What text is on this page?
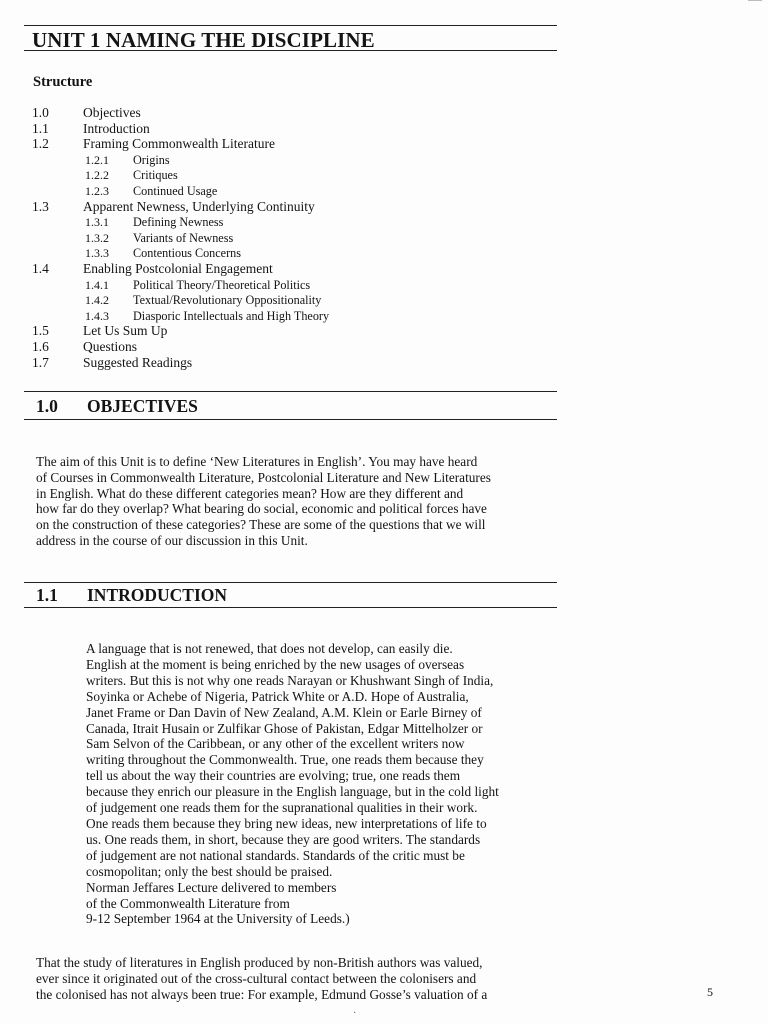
UNIT 1 NAMING THE DISCIPLINE
Structure
1.0	Objectives
1.1	Introduction
1.2	Framing Commonwealth Literature
1.2.1 Origins
1.2.2 Critiques
1.2.3 Continued Usage
1.3	Apparent Newness, Underlying Continuity
1.3.1 Defining Newness
1.3.2 Variants of Newness
1.3.3 Contentious Concerns
1.4	Enabling Postcolonial Engagement
1.4.1 Political Theory/Theoretical Politics
1.4.2 Textual/Revolutionary Oppositionality
1.4.3 Diasporic Intellectuals and High Theory
1.5	Let Us Sum Up
1.6	Questions
1.7	Suggested Readings
1.0 OBJECTIVES
The aim of this Unit is to define ‘New Literatures in English’. You may have heard
of Courses in Commonwealth Literature, Postcolonial Literature and New Literatures
in English. What do these different categories mean? How are they different and
how far do they overlap? What bearing do social, economic and political forces have
on the construction of these categories? These are some of the questions that we will
address in the course of our discussion in this Unit.
1.1 INTRODUCTION
A language that is not renewed, that does not develop, can easily die.
English at the moment is being enriched by the new usages of overseas
writers. But this is not why one reads Narayan or Khushwant Singh of India,
Soyinka or Achebe of Nigeria, Patrick White or A.D. Hope of Australia,
Janet Frame or Dan Davin of New Zealand, A.M. Klein or Earle Birney of
Canada, Itrait Husain or Zulfikar Ghose of Pakistan, Edgar Mittelholzer or
Sam Selvon of the Caribbean, or any other of the excellent writers now
writing throughout the Commonwealth. True, one reads them because they
tell us about the way their countries are evolving; true, one reads them
because they enrich our pleasure in the English language, but in the cold light
of judgement one reads them for the supranational qualities in their work.
One reads them because they bring new ideas, new interpretations of life to
us. One reads them, in short, because they are good writers. The standards
of judgement are not national standards. Standards of the critic must be
cosmopolitan; only the best should be praised.
Norman Jeffares Lecture delivered to members
of the Commonwealth Literature from
9-12 September 1964 at the University of Leeds.)
That the study of literatures in English produced by non-British authors was valued,
ever since it originated out of the cross-cultural contact between the colonisers and
the colonised has not always been true: For example, Edmund Gosse’s valuation of a	5
·
